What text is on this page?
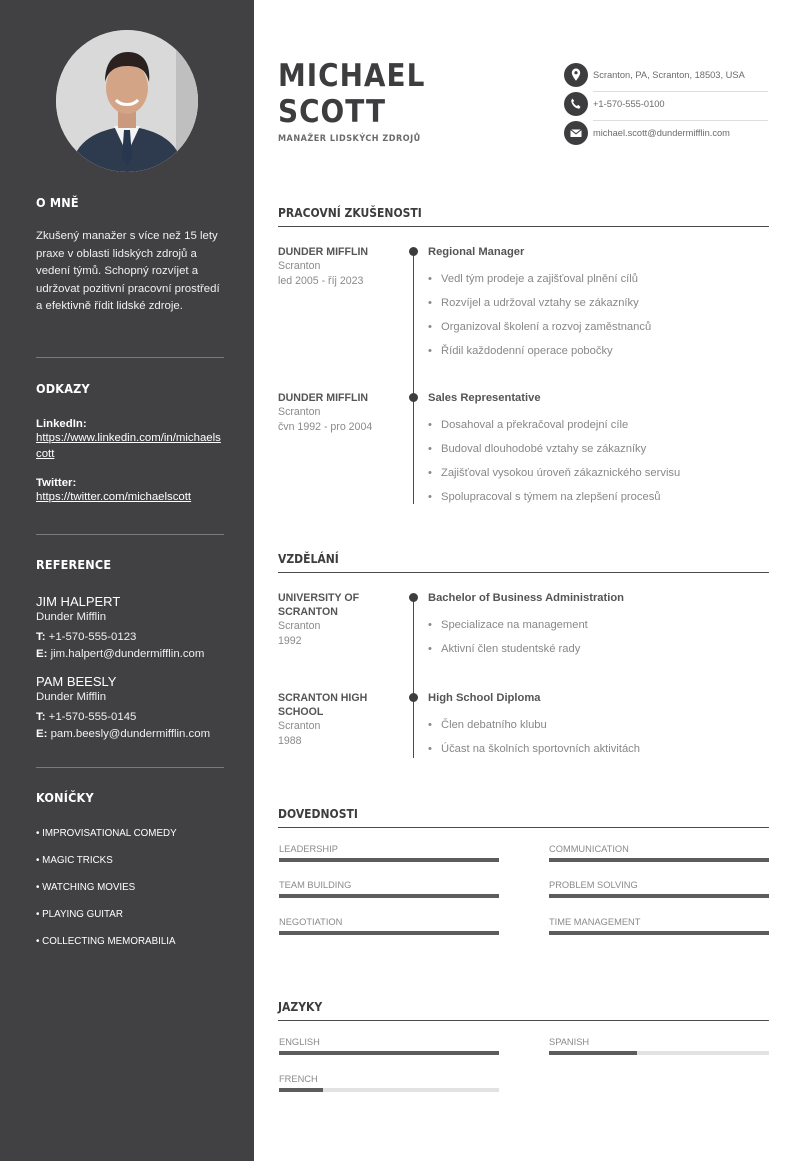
O MNĚ
Zkušený manažer s více než 15 lety praxe v oblasti lidských zdrojů a vedení týmů. Schopný rozvíjet a udržovat pozitivní pracovní prostředí a efektivně řídit lidské zdroje.
ODKAZY
LinkedIn:
https://www.linkedin.com/in/michaelscott
Twitter:
https://twitter.com/michaelscott
REFERENCE
JIM HALPERT
Dunder Mifflin
T: +1-570-555-0123
E: jim.halpert@dundermifflin.com
PAM BEESLY
Dunder Mifflin
T: +1-570-555-0145
E: pam.beesly@dundermifflin.com
KONÍČKY
• IMPROVISATIONAL COMEDY
• MAGIC TRICKS
• WATCHING MOVIES
• PLAYING GUITAR
• COLLECTING MEMORABILIA
MICHAEL
SCOTT
MANAŽER LIDSKÝCH ZDROJŮ
Scranton, PA, Scranton, 18503, USA
+1-570-555-0100
michael.scott@dundermifflin.com
PRACOVNÍ ZKUŠENOSTI
DUNDER MIFFLIN
Scranton
led 2005 - říj 2023
Regional Manager
• Vedl tým prodeje a zajišťoval plnění cílů
• Rozvíjel a udržoval vztahy se zákazníky
• Organizoval školení a rozvoj zaměstnanců
• Řídil každodenní operace pobočky
DUNDER MIFFLIN
Scranton
čvn 1992 - pro 2004
Sales Representative
• Dosahoval a překračoval prodejní cíle
• Budoval dlouhodobé vztahy se zákazníky
• Zajišťoval vysokou úroveň zákaznického servisu
• Spolupracoval s týmem na zlepšení procesů
VZDĚLÁNÍ
UNIVERSITY OF SCRANTON
Scranton
1992
Bachelor of Business Administration
• Specializace na management
• Aktivní člen studentské rady
SCRANTON HIGH SCHOOL
Scranton
1988
High School Diploma
• Člen debatního klubu
• Účast na školních sportovních aktivitách
DOVEDNOSTI
LEADERSHIP	COMMUNICATION
TEAM BUILDING	PROBLEM SOLVING
NEGOTIATION	TIME MANAGEMENT
JAZYKY
ENGLISH	SPANISH
FRENCH
